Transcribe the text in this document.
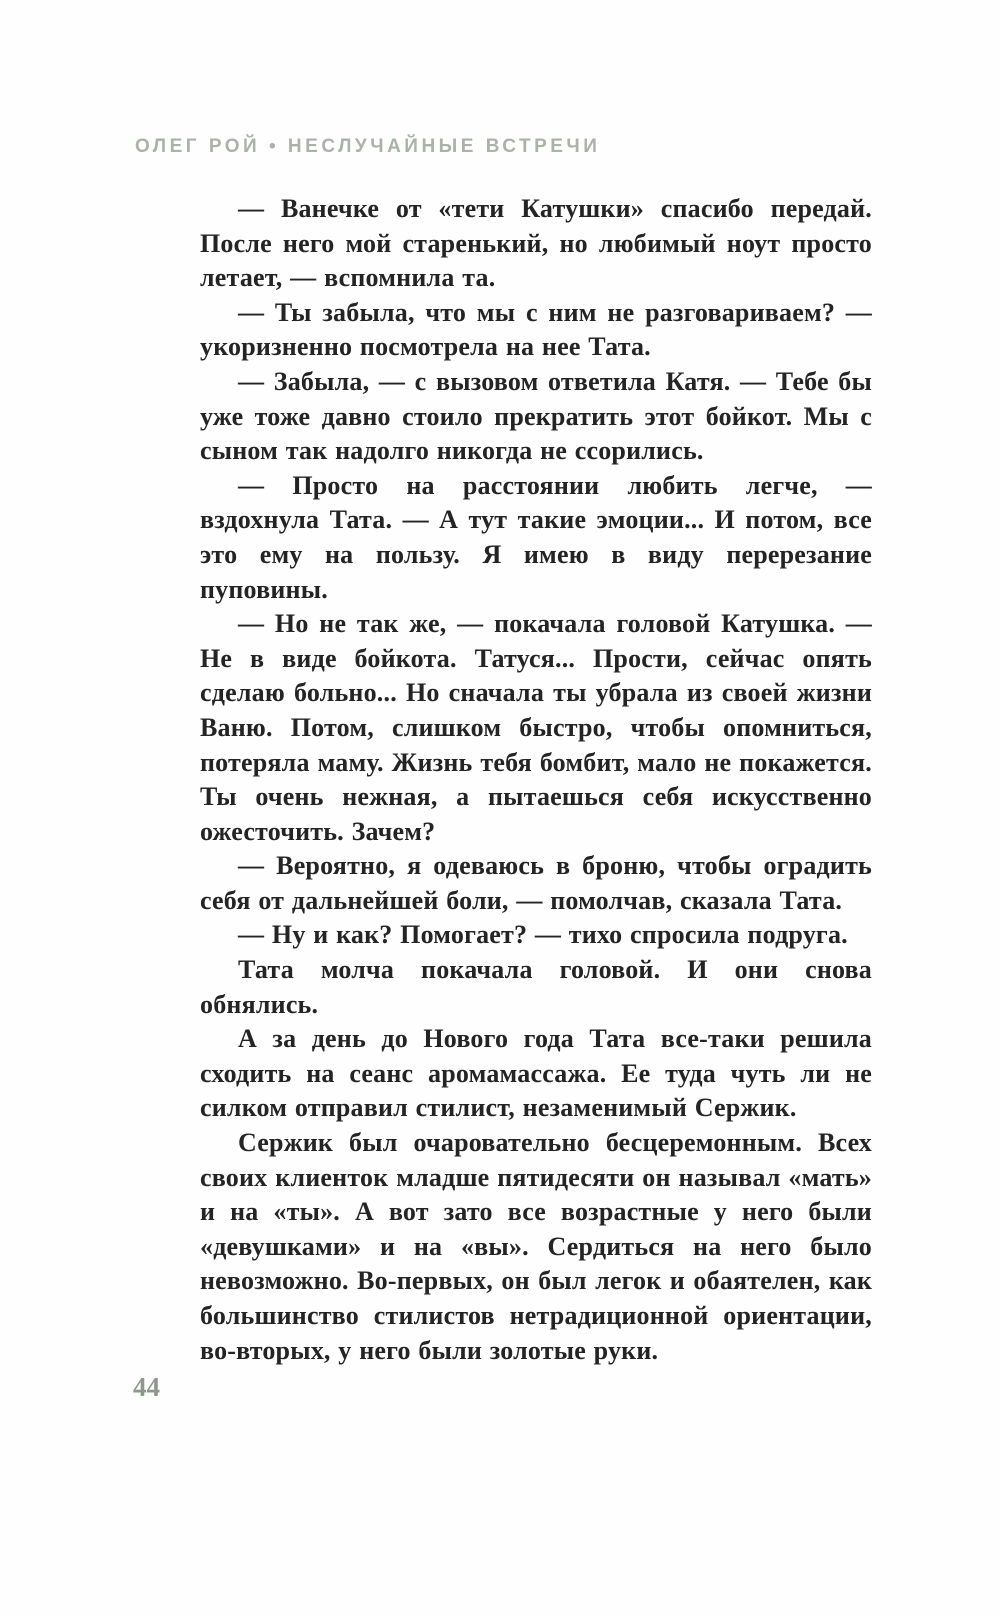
ОЛЕГ РОЙ • НЕСЛУЧАЙНЫЕ ВСТРЕЧИ

— Ванечке от «тети Катушки» спасибо передай. После него мой старенький, но любимый ноут просто летает, — вспомнила та.

— Ты забыла, что мы с ним не разговариваем? — укоризненно посмотрела на нее Тата.

— Забыла, — с вызовом ответила Катя. — Тебе бы уже тоже давно стоило прекратить этот бойкот. Мы с сыном так надолго никогда не ссорились.

— Просто на расстоянии любить легче, — вздохнула Тата. — А тут такие эмоции... И потом, все это ему на пользу. Я имею в виду перерезание пуповины.

— Но не так же, — покачала головой Катушка. — Не в виде бойкота. Татуся... Прости, сейчас опять сделаю больно... Но сначала ты убрала из своей жизни Ваню. Потом, слишком быстро, чтобы опомниться, потеряла маму. Жизнь тебя бомбит, мало не покажется. Ты очень нежная, а пытаешься себя искусственно ожесточить. Зачем?

— Вероятно, я одеваюсь в броню, чтобы оградить себя от дальнейшей боли, — помолчав, сказала Тата.

— Ну и как? Помогает? — тихо спросила подруга.

Тата молча покачала головой. И они снова обнялись.

А за день до Нового года Тата все-таки решила сходить на сеанс аромамассажа. Ее туда чуть ли не силком отправил стилист, незаменимый Сержик.

Сержик был очаровательно бесцеремонным. Всех своих клиенток младше пятидесяти он называл «мать» и на «ты». А вот зато все возрастные у него были «девушками» и на «вы». Сердиться на него было невозможно. Во-первых, он был легок и обаятелен, как большинство стилистов нетрадиционной ориентации, во-вторых, у него были золотые руки.

44
